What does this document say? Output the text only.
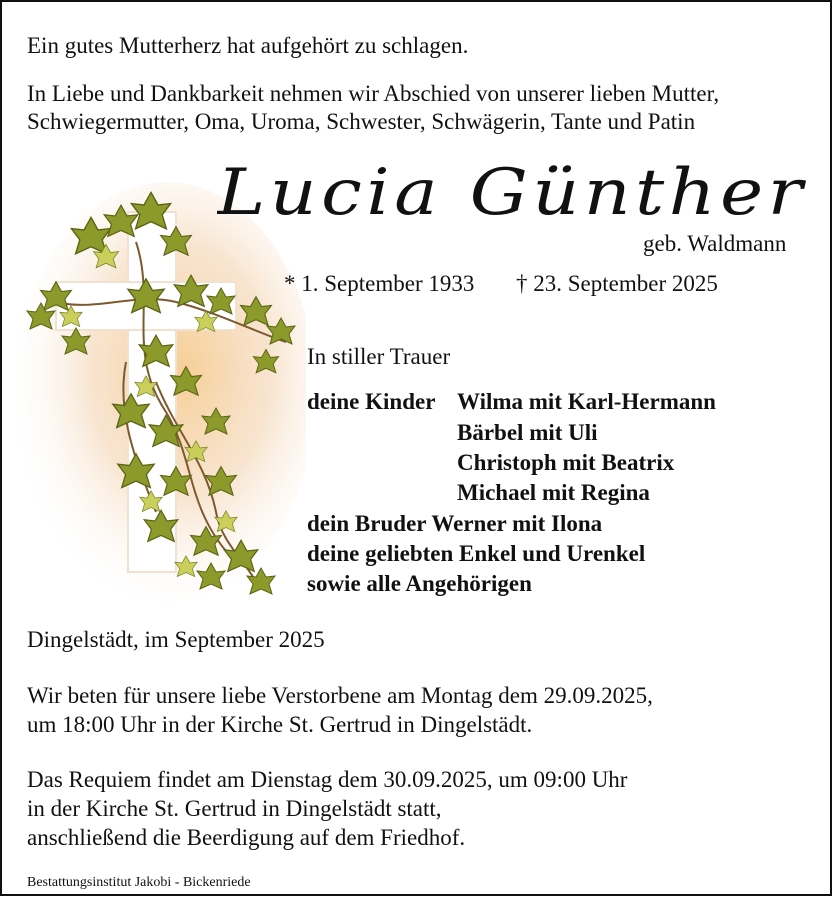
Ein gutes Mutterherz hat aufgehört zu schlagen.
In Liebe und Dankbarkeit nehmen wir Abschied von unserer lieben Mutter,
Schwiegermutter, Oma, Uroma, Schwester, Schwägerin, Tante und Patin
Lucia Günther
geb. Waldmann
* 1. September 1933 † 23. September 2025
In stiller Trauer
deine Kinder Wilma mit Karl-Hermann
Bärbel mit Uli
Christoph mit Beatrix
Michael mit Regina
dein Bruder Werner mit Ilona
deine geliebten Enkel und Urenkel
sowie alle Angehörigen
Dingelstädt, im September 2025
Wir beten für unsere liebe Verstorbene am Montag dem 29.09.2025,
um 18:00 Uhr in der Kirche St. Gertrud in Dingelstädt.
Das Requiem findet am Dienstag dem 30.09.2025, um 09:00 Uhr
in der Kirche St. Gertrud in Dingelstädt statt,
anschließend die Beerdigung auf dem Friedhof.
Bestattungsinstitut Jakobi - Bickenriede
